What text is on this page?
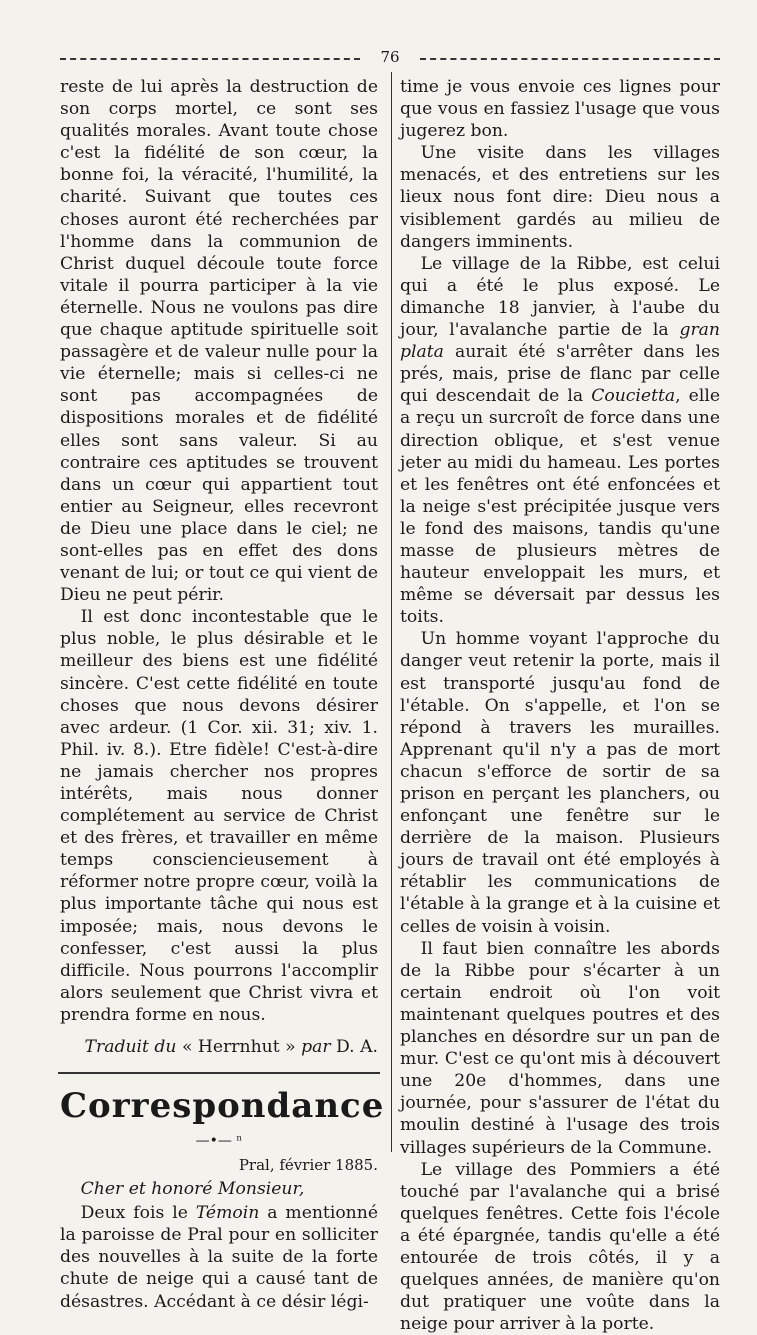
76

reste de lui après la destruction de son corps mortel, ce sont ses qualités morales. Avant toute chose c'est la fidélité de son cœur, la bonne foi, la véracité, l'humilité, la charité. Suivant que toutes ces choses auront été recherchées par l'homme dans la communion de Christ duquel découle toute force vitale il pourra participer à la vie éternelle. Nous ne voulons pas dire que chaque aptitude spirituelle soit passagère et de valeur nulle pour la vie éternelle; mais si celles-ci ne sont pas accompagnées de dispositions morales et de fidélité elles sont sans valeur. Si au contraire ces aptitudes se trouvent dans un cœur qui appartient tout entier au Seigneur, elles recevront de Dieu une place dans le ciel; ne sont-elles pas en effet des dons venant de lui; or tout ce qui vient de Dieu ne peut périr.

Il est donc incontestable que le plus noble, le plus désirable et le meilleur des biens est une fidélité sincère. C'est cette fidélité en toute choses que nous devons désirer avec ardeur. (1 Cor. xii. 31; xiv. 1. Phil. iv. 8.). Etre fidèle! C'est-à-dire ne jamais chercher nos propres intérêts, mais nous donner complétement au service de Christ et des frères, et travailler en même temps consciencieusement à réformer notre propre cœur, voilà la plus importante tâche qui nous est imposée; mais, nous devons le confesser, c'est aussi la plus difficile. Nous pourrons l'accomplir alors seulement que Christ vivra et prendra forme en nous.

Traduit du « Herrnhut » par D. A.
Correspondance
—•— ⁿ
Pral, février 1885.
Cher et honoré Monsieur,

Deux fois le Témoin a mentionné la paroisse de Pral pour en solliciter des nouvelles à la suite de la forte chute de neige qui a causé tant de désastres. Accédant à ce désir légi-

time je vous envoie ces lignes pour que vous en fassiez l'usage que vous jugerez bon.

Une visite dans les villages menacés, et des entretiens sur les lieux nous font dire: Dieu nous a visiblement gardés au milieu de dangers imminents.

Le village de la Ribbe, est celui qui a été le plus exposé. Le dimanche 18 janvier, à l'aube du jour, l'avalanche partie de la gran plata aurait été s'arrêter dans les prés, mais, prise de flanc par celle qui descendait de la Coucietta, elle a reçu un surcroît de force dans une direction oblique, et s'est venue jeter au midi du hameau. Les portes et les fenêtres ont été enfoncées et la neige s'est précipitée jusque vers le fond des maisons, tandis qu'une masse de plusieurs mètres de hauteur enveloppait les murs, et même se déversait par dessus les toits.

Un homme voyant l'approche du danger veut retenir la porte, mais il est transporté jusqu'au fond de l'étable. On s'appelle, et l'on se répond à travers les murailles. Apprenant qu'il n'y a pas de mort chacun s'efforce de sortir de sa prison en perçant les planchers, ou enfonçant une fenêtre sur le derrière de la maison. Plusieurs jours de travail ont été employés à rétablir les communications de l'étable à la grange et à la cuisine et celles de voisin à voisin.

Il faut bien connaître les abords de la Ribbe pour s'écarter à un certain endroit où l'on voit maintenant quelques poutres et des planches en désordre sur un pan de mur. C'est ce qu'ont mis à découvert une 20e d'hommes, dans une journée, pour s'assurer de l'état du moulin destiné à l'usage des trois villages supérieurs de la Commune.

Le village des Pommiers a été touché par l'avalanche qui a brisé quelques fenêtres. Cette fois l'école a été épargnée, tandis qu'elle a été entourée de trois côtés, il y a quelques années, de manière qu'on dut pratiquer une voûte dans la neige pour arriver à la porte.
